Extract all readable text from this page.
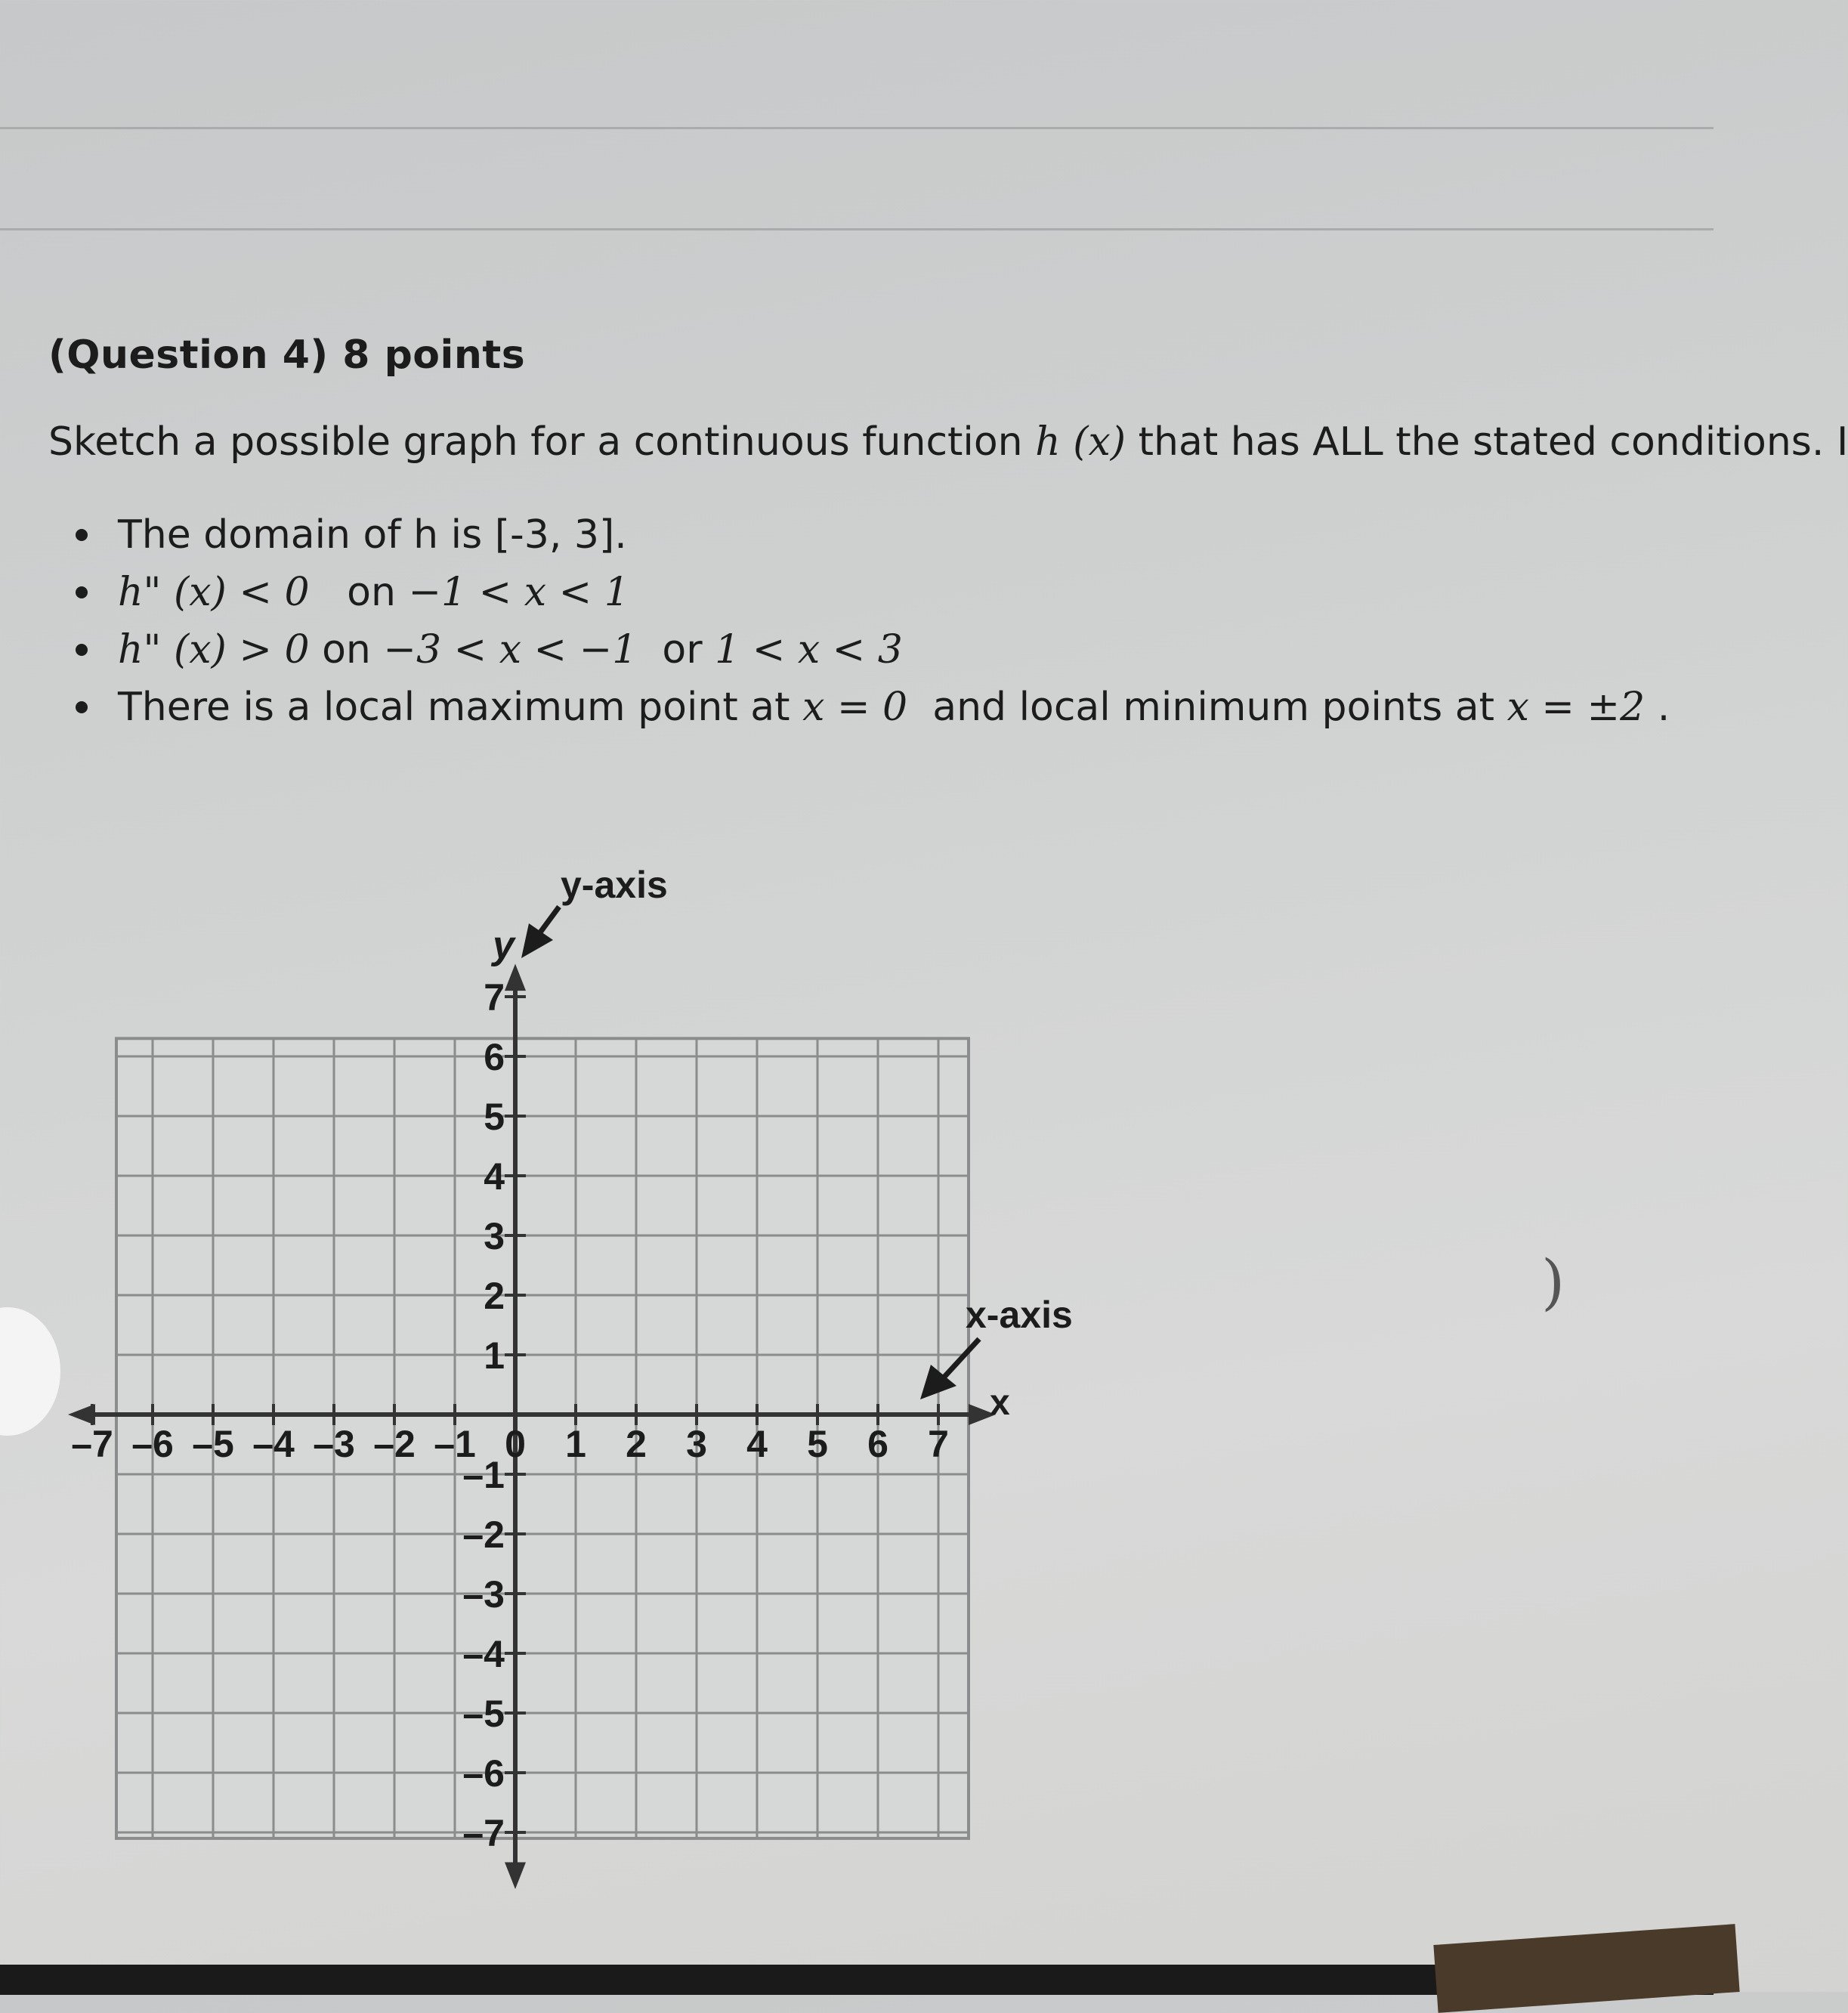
(Question 4) 8 points
Sketch a possible graph for a continuous function h (x) that has ALL the stated conditions. I
The domain of h is [-3, 3].
h" (x) < 0 on −1 < x < 1
h" (x) > 0 on −3 < x < −1 or 1 < x < 3
There is a local maximum point at x = 0 and local minimum points at x = ±2 .
)
–7 –6 –5 –4 –3 –2 –1 0 1 2 3 4 5 6 7
7
6
5
4
3
2
1
–1
–2
–3
–4
–5
–6
–7
y-axis
x-axis
y
x
